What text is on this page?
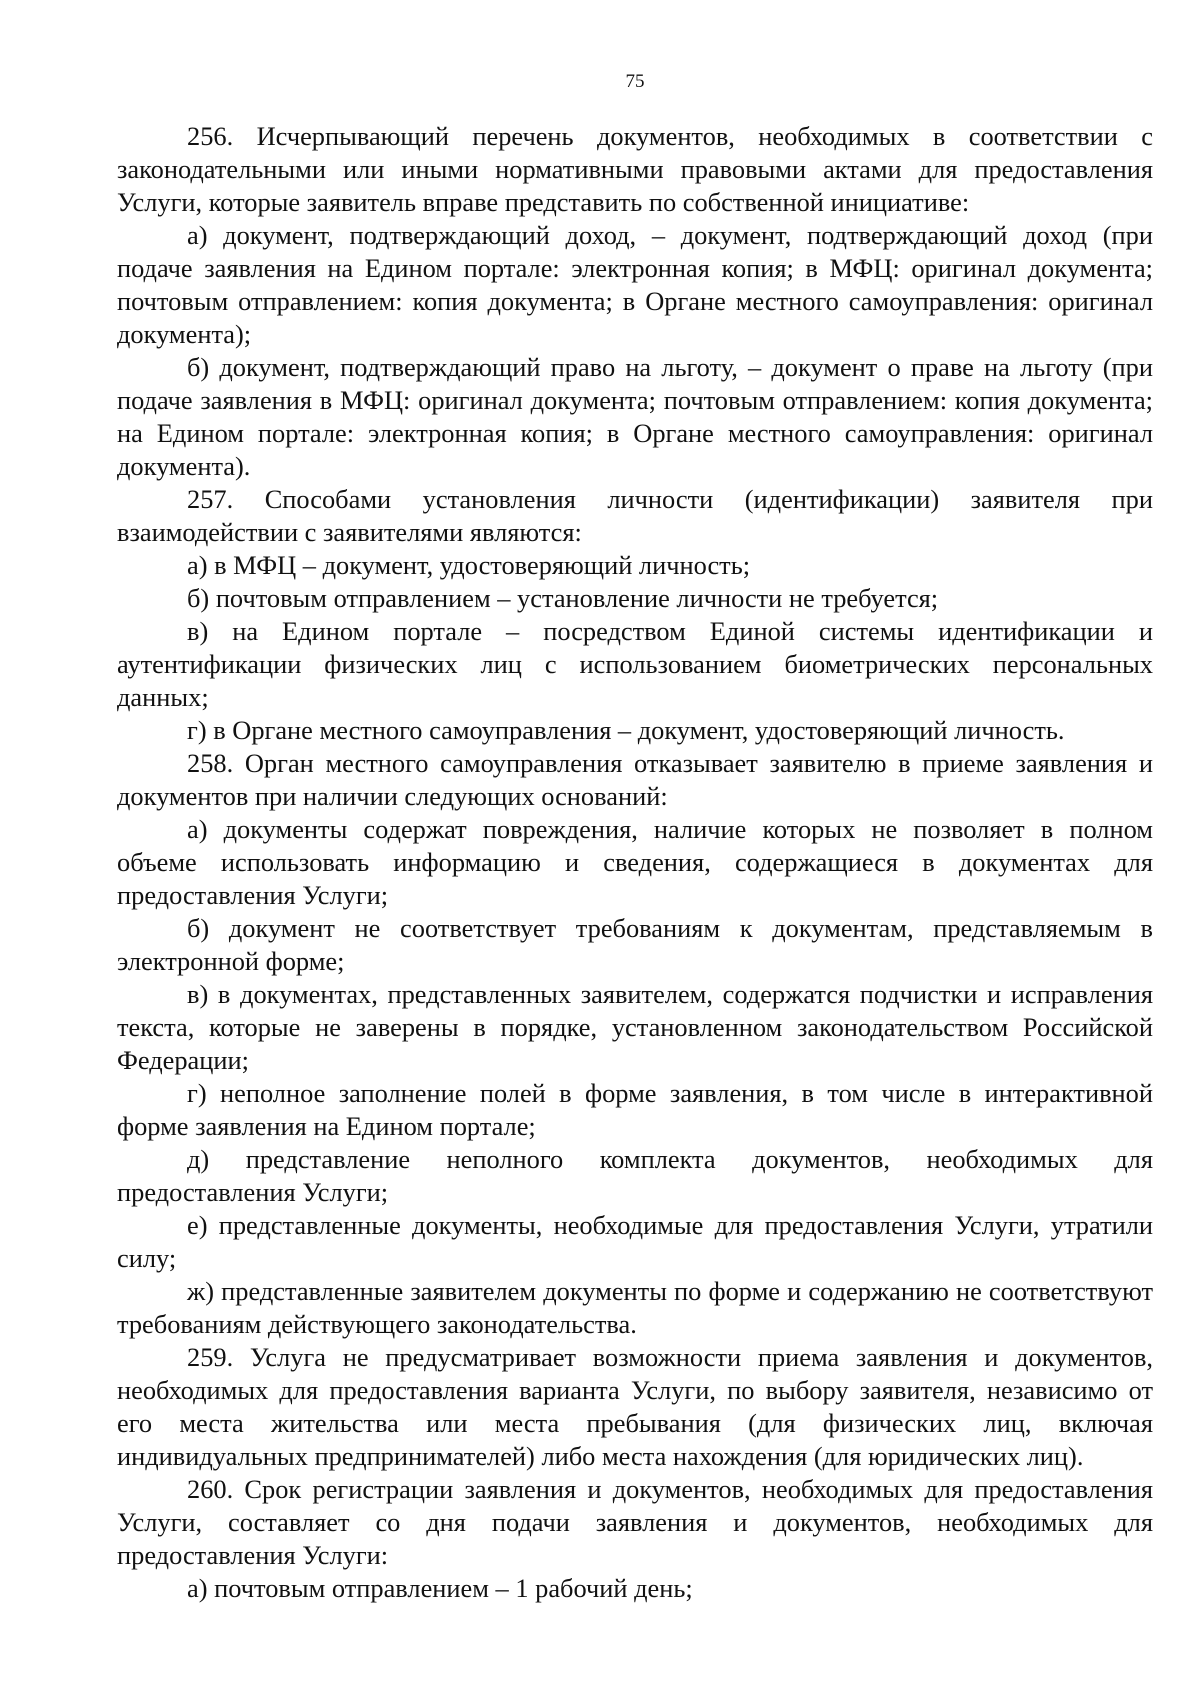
75

256. Исчерпывающий перечень документов, необходимых в соответствии с законодательными или иными нормативными правовыми актами для предоставления Услуги, которые заявитель вправе представить по собственной инициативе:

а) документ, подтверждающий доход, – документ, подтверждающий доход (при подаче заявления на Едином портале: электронная копия; в МФЦ: оригинал документа; почтовым отправлением: копия документа; в Органе местного самоуправления: оригинал документа);

б) документ, подтверждающий право на льготу, – документ о праве на льготу (при подаче заявления в МФЦ: оригинал документа; почтовым отправлением: копия документа; на Едином портале: электронная копия; в Органе местного самоуправления: оригинал документа).

257. Способами установления личности (идентификации) заявителя при взаимодействии с заявителями являются:

а) в МФЦ – документ, удостоверяющий личность;

б) почтовым отправлением – установление личности не требуется;

в) на Едином портале – посредством Единой системы идентификации и аутентификации физических лиц с использованием биометрических персональных данных;

г) в Органе местного самоуправления – документ, удостоверяющий личность.

258. Орган местного самоуправления отказывает заявителю в приеме заявления и документов при наличии следующих оснований:

а) документы содержат повреждения, наличие которых не позволяет в полном объеме использовать информацию и сведения, содержащиеся в документах для предоставления Услуги;

б) документ не соответствует требованиям к документам, представляемым в электронной форме;

в) в документах, представленных заявителем, содержатся подчистки и исправления текста, которые не заверены в порядке, установленном законодательством Российской Федерации;

г) неполное заполнение полей в форме заявления, в том числе в интерактивной форме заявления на Едином портале;

д) представление неполного комплекта документов, необходимых для предоставления Услуги;

е) представленные документы, необходимые для предоставления Услуги, утратили силу;

ж) представленные заявителем документы по форме и содержанию не соответствуют требованиям действующего законодательства.

259. Услуга не предусматривает возможности приема заявления и документов, необходимых для предоставления варианта Услуги, по выбору заявителя, независимо от его места жительства или места пребывания (для физических лиц, включая индивидуальных предпринимателей) либо места нахождения (для юридических лиц).

260. Срок регистрации заявления и документов, необходимых для предоставления Услуги, составляет со дня подачи заявления и документов, необходимых для предоставления Услуги:

а) почтовым отправлением – 1 рабочий день;
